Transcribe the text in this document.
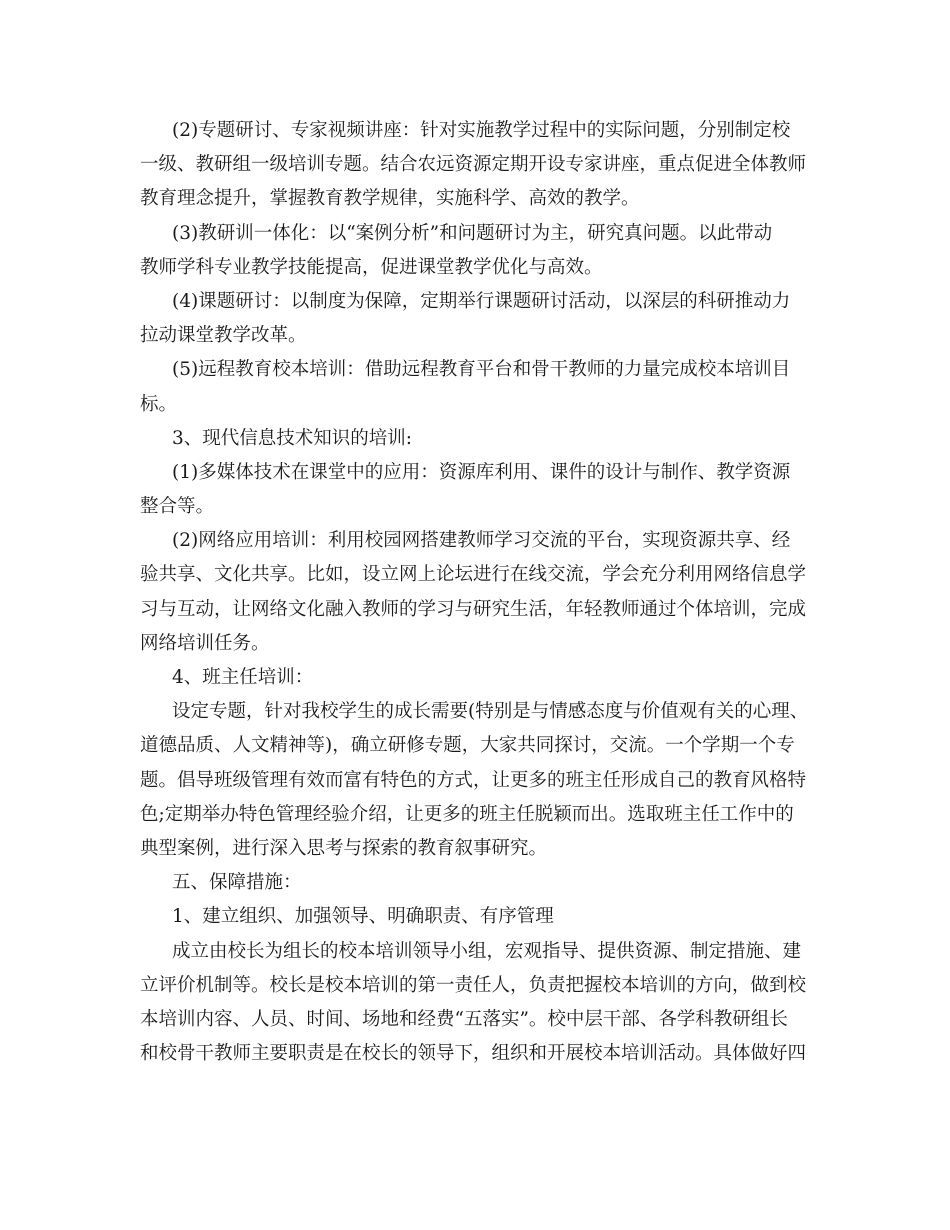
(2)专题研讨、专家视频讲座：针对实施教学过程中的实际问题，分别制定校
一级、教研组一级培训专题。结合农远资源定期开设专家讲座，重点促进全体教师
教育理念提升，掌握教育教学规律，实施科学、高效的教学。
(3)教研训一体化：以“案例分析”和问题研讨为主，研究真问题。以此带动
教师学科专业教学技能提高，促进课堂教学优化与高效。
(4)课题研讨：以制度为保障，定期举行课题研讨活动，以深层的科研推动力
拉动课堂教学改革。
(5)远程教育校本培训：借助远程教育平台和骨干教师的力量完成校本培训目
标。
3、现代信息技术知识的培训:
(1)多媒体技术在课堂中的应用：资源库利用、课件的设计与制作、教学资源
整合等。
(2)网络应用培训：利用校园网搭建教师学习交流的平台，实现资源共享、经
验共享、文化共享。比如，设立网上论坛进行在线交流，学会充分利用网络信息学
习与互动，让网络文化融入教师的学习与研究生活，年轻教师通过个体培训，完成
网络培训任务。
4、班主任培训：
设定专题，针对我校学生的成长需要(特别是与情感态度与价值观有关的心理、
道德品质、人文精神等)，确立研修专题，大家共同探讨，交流。一个学期一个专
题。倡导班级管理有效而富有特色的方式，让更多的班主任形成自己的教育风格特
色;定期举办特色管理经验介绍，让更多的班主任脱颖而出。选取班主任工作中的
典型案例，进行深入思考与探索的教育叙事研究。
五、保障措施：
1、建立组织、加强领导、明确职责、有序管理
成立由校长为组长的校本培训领导小组，宏观指导、提供资源、制定措施、建
立评价机制等。校长是校本培训的第一责任人，负责把握校本培训的方向，做到校
本培训内容、人员、时间、场地和经费“五落实”。校中层干部、各学科教研组长
和校骨干教师主要职责是在校长的领导下，组织和开展校本培训活动。具体做好四
